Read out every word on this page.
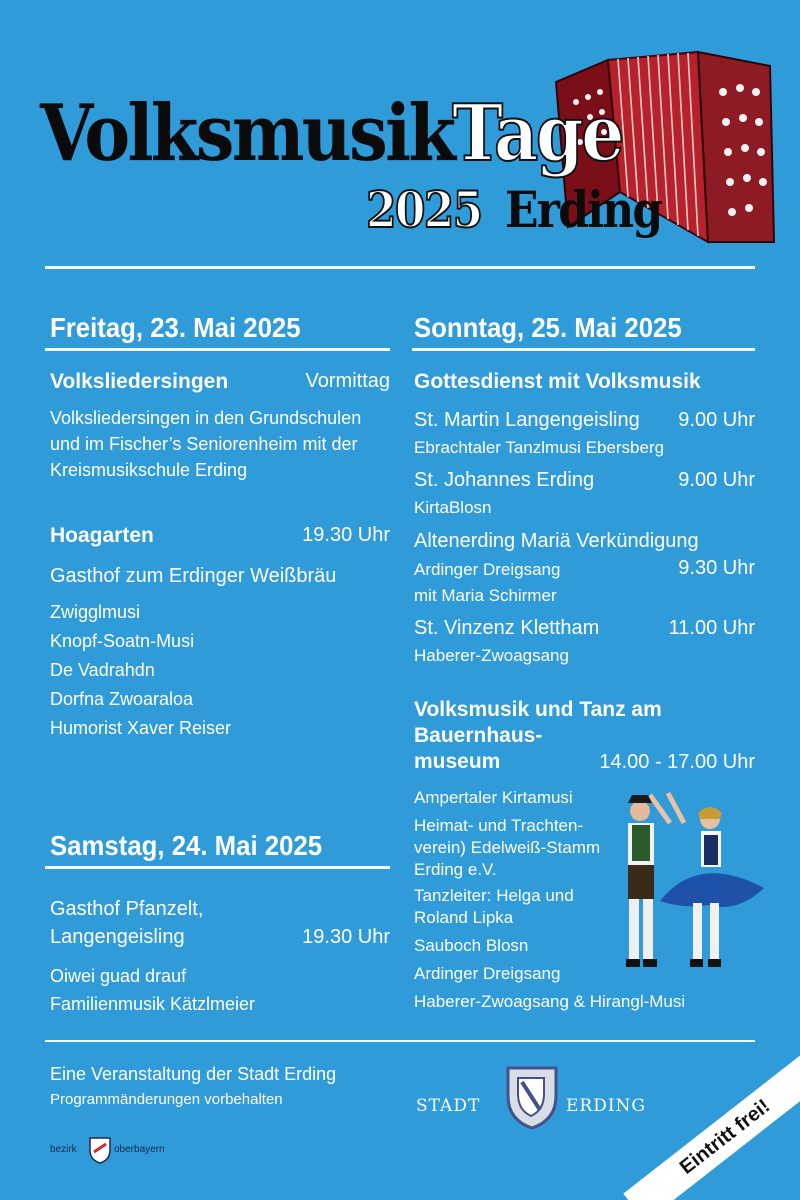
Volksmusik
Tage
2025 Erding
Freitag, 23. Mai 2025
Volksliedersingen	Vormittag
Volksliedersingen in den Grundschulen
und im Fischer’s Seniorenheim mit der
Kreismusikschule Erding
Hoagarten	19.30 Uhr
Gasthof zum Erdinger Weißbräu
Zwigglmusi
Knopf-Soatn-Musi
De Vadrahdn
Dorfna Zwoaraloa
Humorist Xaver Reiser
Samstag, 24. Mai 2025
Gasthof Pfanzelt,
Langengeisling	19.30 Uhr
Oiwei guad drauf
Familienmusik Kätzlmeier
Sonntag, 25. Mai 2025
Gottesdienst mit Volksmusik
St. Martin Langengeisling	9.00 Uhr
Ebrachtaler Tanzlmusi Ebersberg
St. Johannes Erding	9.00 Uhr
KirtaBlosn
Altenerding Mariä Verkündigung
Ardinger Dreigsang	9.30 Uhr
mit Maria Schirmer
St. Vinzenz Klettham	11.00 Uhr
Haberer-Zwoagsang
Volksmusik und Tanz am
Bauernhaus-
museum	14.00 - 17.00 Uhr
Ampertaler Kirtamusi
Heimat- und Trachten-
verein) Edelweiß-Stamm
Erding e.V.
Tanzleiter: Helga und
Roland Lipka
Sauboch Blosn
Ardinger Dreigsang
Haberer-Zwoagsang & Hirangl-Musi
Eine Veranstaltung der Stadt Erding
Programmänderungen vorbehalten	STADT	ERDING
bezirk	oberbayern	Eintritt frei!
